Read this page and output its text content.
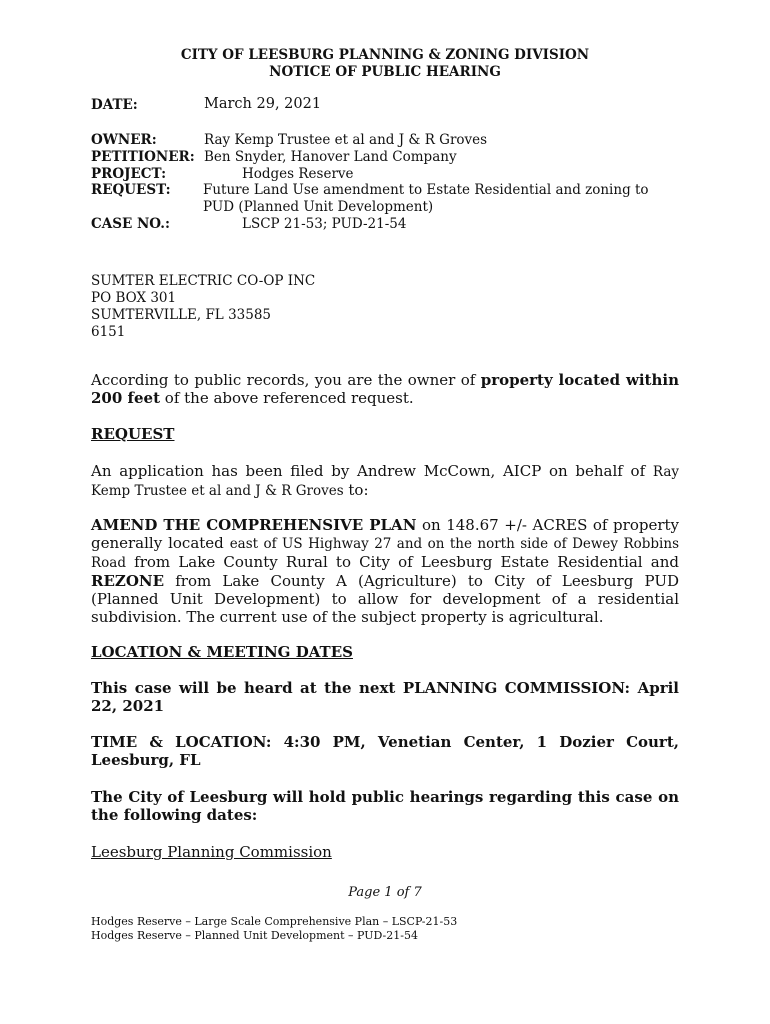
CITY OF LEESBURG PLANNING & ZONING DIVISION
NOTICE OF PUBLIC HEARING
DATE:	March 29, 2021
OWNER:	Ray Kemp Trustee et al and J & R Groves
PETITIONER: Ben Snyder, Hanover Land Company
PROJECT:	Hodges Reserve
REQUEST: Future Land Use amendment to Estate Residential and zoning to
PUD (Planned Unit Development)
CASE NO.:	LSCP 21-53; PUD-21-54
SUMTER ELECTRIC CO-OP INC
PO BOX 301
SUMTERVILLE, FL 33585
6151
According to public records, you are the owner of property located within 200 feet of the above referenced request.
REQUEST
An application has been filed by Andrew McCown, AICP on behalf of Ray Kemp Trustee et al and J & R Groves to:
AMEND THE COMPREHENSIVE PLAN on 148.67 +/- ACRES of property generally located east of US Highway 27 and on the north side of Dewey Robbins Road from Lake County Rural to City of Leesburg Estate Residential and REZONE from Lake County A (Agriculture) to City of Leesburg PUD (Planned Unit Development) to allow for development of a residential subdivision. The current use of the subject property is agricultural.
LOCATION & MEETING DATES
This case will be heard at the next PLANNING COMMISSION: April 22, 2021
TIME & LOCATION: 4:30 PM, Venetian Center, 1 Dozier Court, Leesburg, FL
The City of Leesburg will hold public hearings regarding this case on the following dates:
Leesburg Planning Commission
Page 1 of 7
Hodges Reserve – Large Scale Comprehensive Plan – LSCP-21-53
Hodges Reserve – Planned Unit Development – PUD-21-54
